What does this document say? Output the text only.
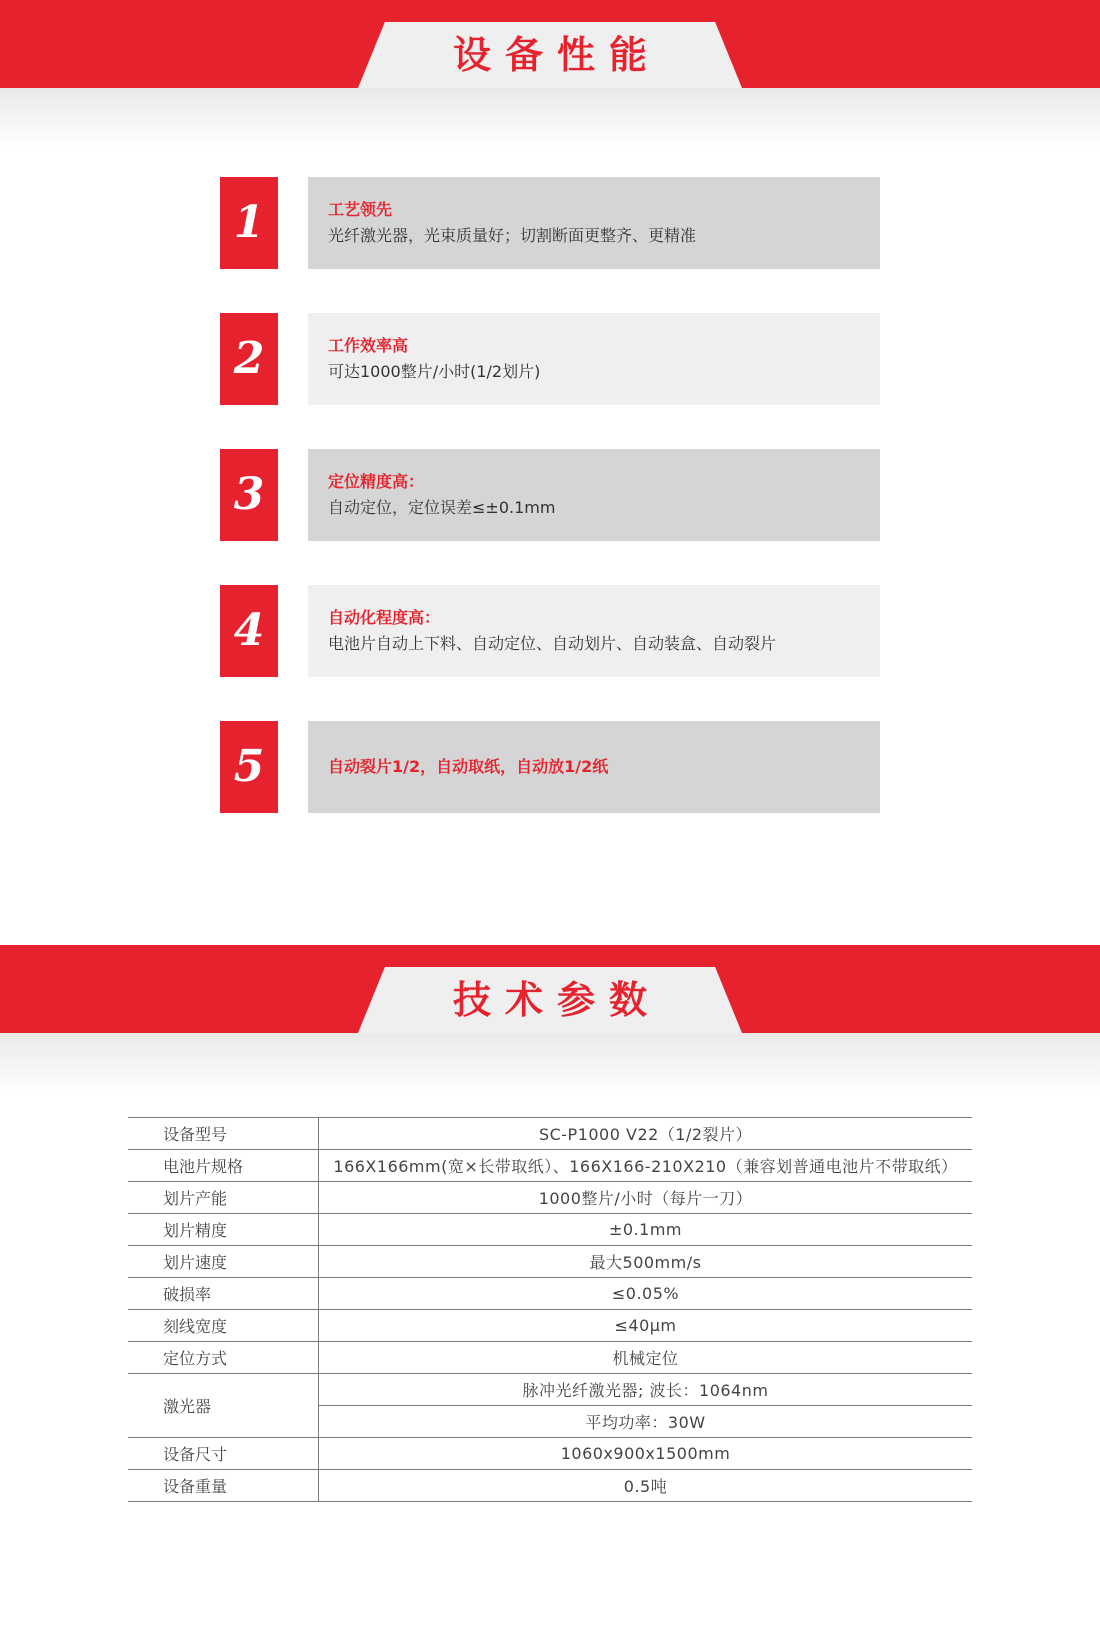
设备性能
1	工艺领先
光纤激光器，光束质量好；切割断面更整齐、更精准
2	工作效率高
可达1000整片/小时(1/2划片)
3	定位精度高：
自动定位，定位误差≤±0.1mm
4	自动化程度高：
电池片自动上下料、自动定位、自动划片、自动装盒、自动裂片
5	自动裂片1/2，自动取纸，自动放1/2纸
技术参数
设备型号	SC-P1000 V22（1/2裂片）
电池片规格	166X166mm(宽×长带取纸）、166X166-210X210（兼容划普通电池片不带取纸）
划片产能	1000整片/小时（每片一刀）
划片精度	±0.1mm
划片速度	最大500mm/s
破损率	≤0.05%
刻线宽度	≤40μm
定位方式	机械定位
激光器	脉冲光纤激光器; 波长：1064nm
	平均功率：30W
设备尺寸	1060x900x1500mm
设备重量	0.5吨
